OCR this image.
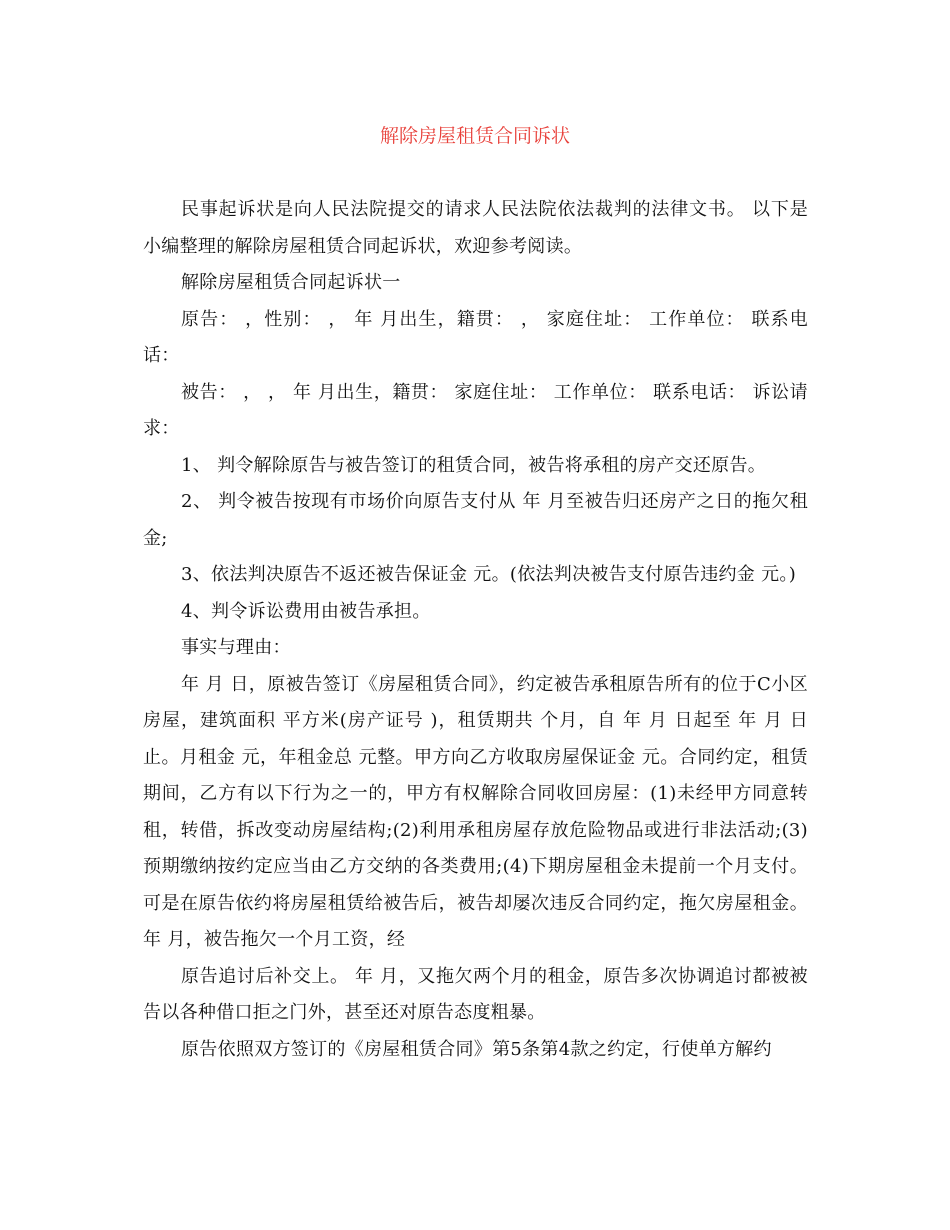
解除房屋租赁合同诉状

民事起诉状是向人民法院提交的请求人民法院依法裁判的法律文书。 以下是小编整理的解除房屋租赁合同起诉状，欢迎参考阅读。

解除房屋租赁合同起诉状一

原告： ，性别： ， 年 月出生，籍贯： ， 家庭住址： 工作单位： 联系电话：

被告： ， ， 年 月出生，籍贯： 家庭住址： 工作单位： 联系电话： 诉讼请求：

1、 判令解除原告与被告签订的租赁合同，被告将承租的房产交还原告。

2、 判令被告按现有市场价向原告支付从 年 月至被告归还房产之日的拖欠租金;

3、依法判决原告不返还被告保证金 元。(依法判决被告支付原告违约金 元。)

4、判令诉讼费用由被告承担。

事实与理由：

年 月 日，原被告签订《房屋租赁合同》，约定被告承租原告所有的位于C小区 房屋，建筑面积 平方米(房产证号 )，租赁期共 个月，自 年 月 日起至 年 月 日止。月租金 元，年租金总 元整。甲方向乙方收取房屋保证金 元。合同约定，租赁期间，乙方有以下行为之一的，甲方有权解除合同收回房屋：(1)未经甲方同意转租，转借，拆改变动房屋结构;(2)利用承租房屋存放危险物品或进行非法活动;(3)预期缴纳按约定应当由乙方交纳的各类费用;(4)下期房屋租金未提前一个月支付。可是在原告依约将房屋租赁给被告后，被告却屡次违反合同约定，拖欠房屋租金。 年 月，被告拖欠一个月工资，经

原告追讨后补交上。 年 月，又拖欠两个月的租金，原告多次协调追讨都被被告以各种借口拒之门外，甚至还对原告态度粗暴。

原告依照双方签订的《房屋租赁合同》第5条第4款之约定，行使单方解约
